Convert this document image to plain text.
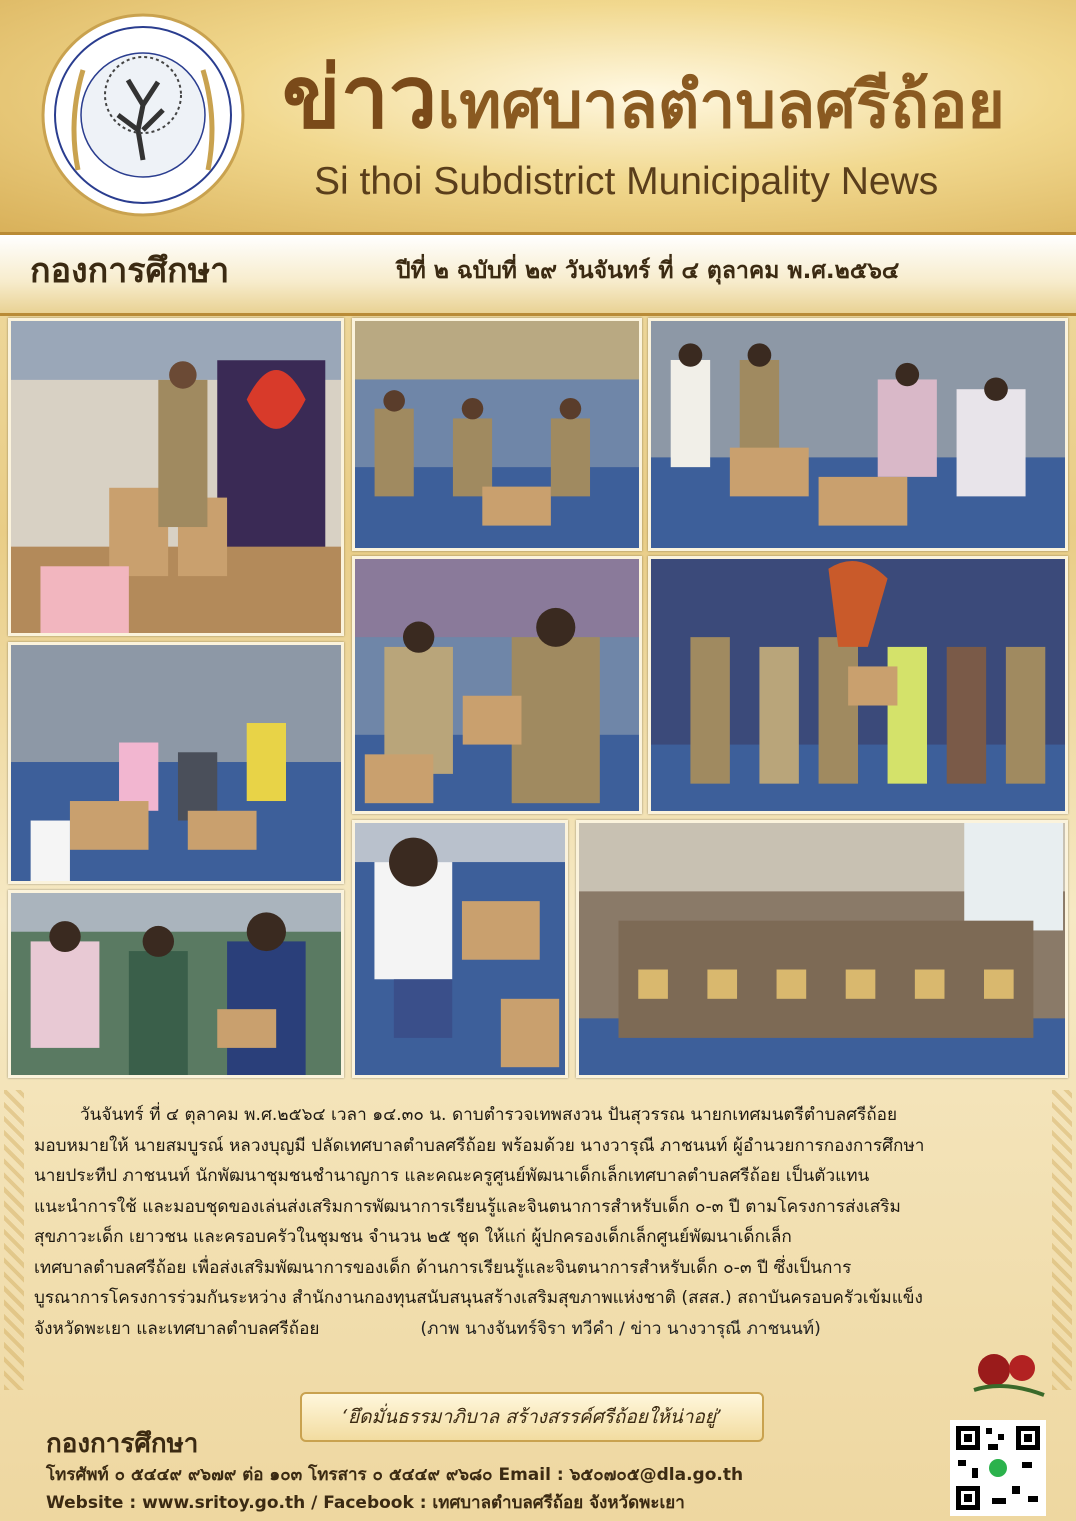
ข่าวเทศบาลตำบลศรีถ้อย
Si thoi Subdistrict Municipality News
กองการศึกษา	ปีที่ ๒ ฉบับที่ ๒๙ วันจันทร์ ที่ ๔ ตุลาคม พ.ศ.๒๕๖๔

วันจันทร์ ที่ ๔ ตุลาคม พ.ศ.๒๕๖๔ เวลา ๑๔.๓๐ น. ดาบตำรวจเทพสงวน ปันสุวรรณ นายกเทศมนตรีตำบลศรีถ้อย

มอบหมายให้ นายสมบูรณ์ หลวงบุญมี ปลัดเทศบาลตำบลศรีถ้อย พร้อมด้วย นางวารุณี ภาชนนท์ ผู้อำนวยการกองการศึกษา

นายประทีป ภาชนนท์ นักพัฒนาชุมชนชำนาญการ และคณะครูศูนย์พัฒนาเด็กเล็กเทศบาลตำบลศรีถ้อย เป็นตัวแทน

แนะนำการใช้ และมอบชุดของเล่นส่งเสริมการพัฒนาการเรียนรู้และจินตนาการสำหรับเด็ก ๐-๓ ปี ตามโครงการส่งเสริม

สุขภาวะเด็ก เยาวชน และครอบครัวในชุมชน จำนวน ๒๕ ชุด ให้แก่ ผู้ปกครองเด็กเล็กศูนย์พัฒนาเด็กเล็ก

เทศบาลตำบลศรีถ้อย เพื่อส่งเสริมพัฒนาการของเด็ก ด้านการเรียนรู้และจินตนาการสำหรับเด็ก ๐-๓ ปี ซึ่งเป็นการ

บูรณาการโครงการร่วมกันระหว่าง สำนักงานกองทุนสนับสนุนสร้างเสริมสุขภาพแห่งชาติ (สสส.) สถาบันครอบครัวเข้มแข็ง

จังหวัดพะเยา และเทศบาลตำบลศรีถ้อย	(ภาพ นางจันทร์จิรา ทวีคำ / ข่าว นางวารุณี ภาชนนท์)

‘ยึดมั่นธรรมาภิบาล สร้างสรรค์ศรีถ้อยให้น่าอยู่’
กองการศึกษา
โทรศัพท์ ๐ ๕๔๔๙ ๙๖๗๙ ต่อ ๑๐๓ โทรสาร ๐ ๕๔๔๙ ๙๖๘๐ Email : ๖๕๐๗๐๕@dla.go.th
Website : www.sritoy.go.th / Facebook : เทศบาลตำบลศรีถ้อย จังหวัดพะเยา
